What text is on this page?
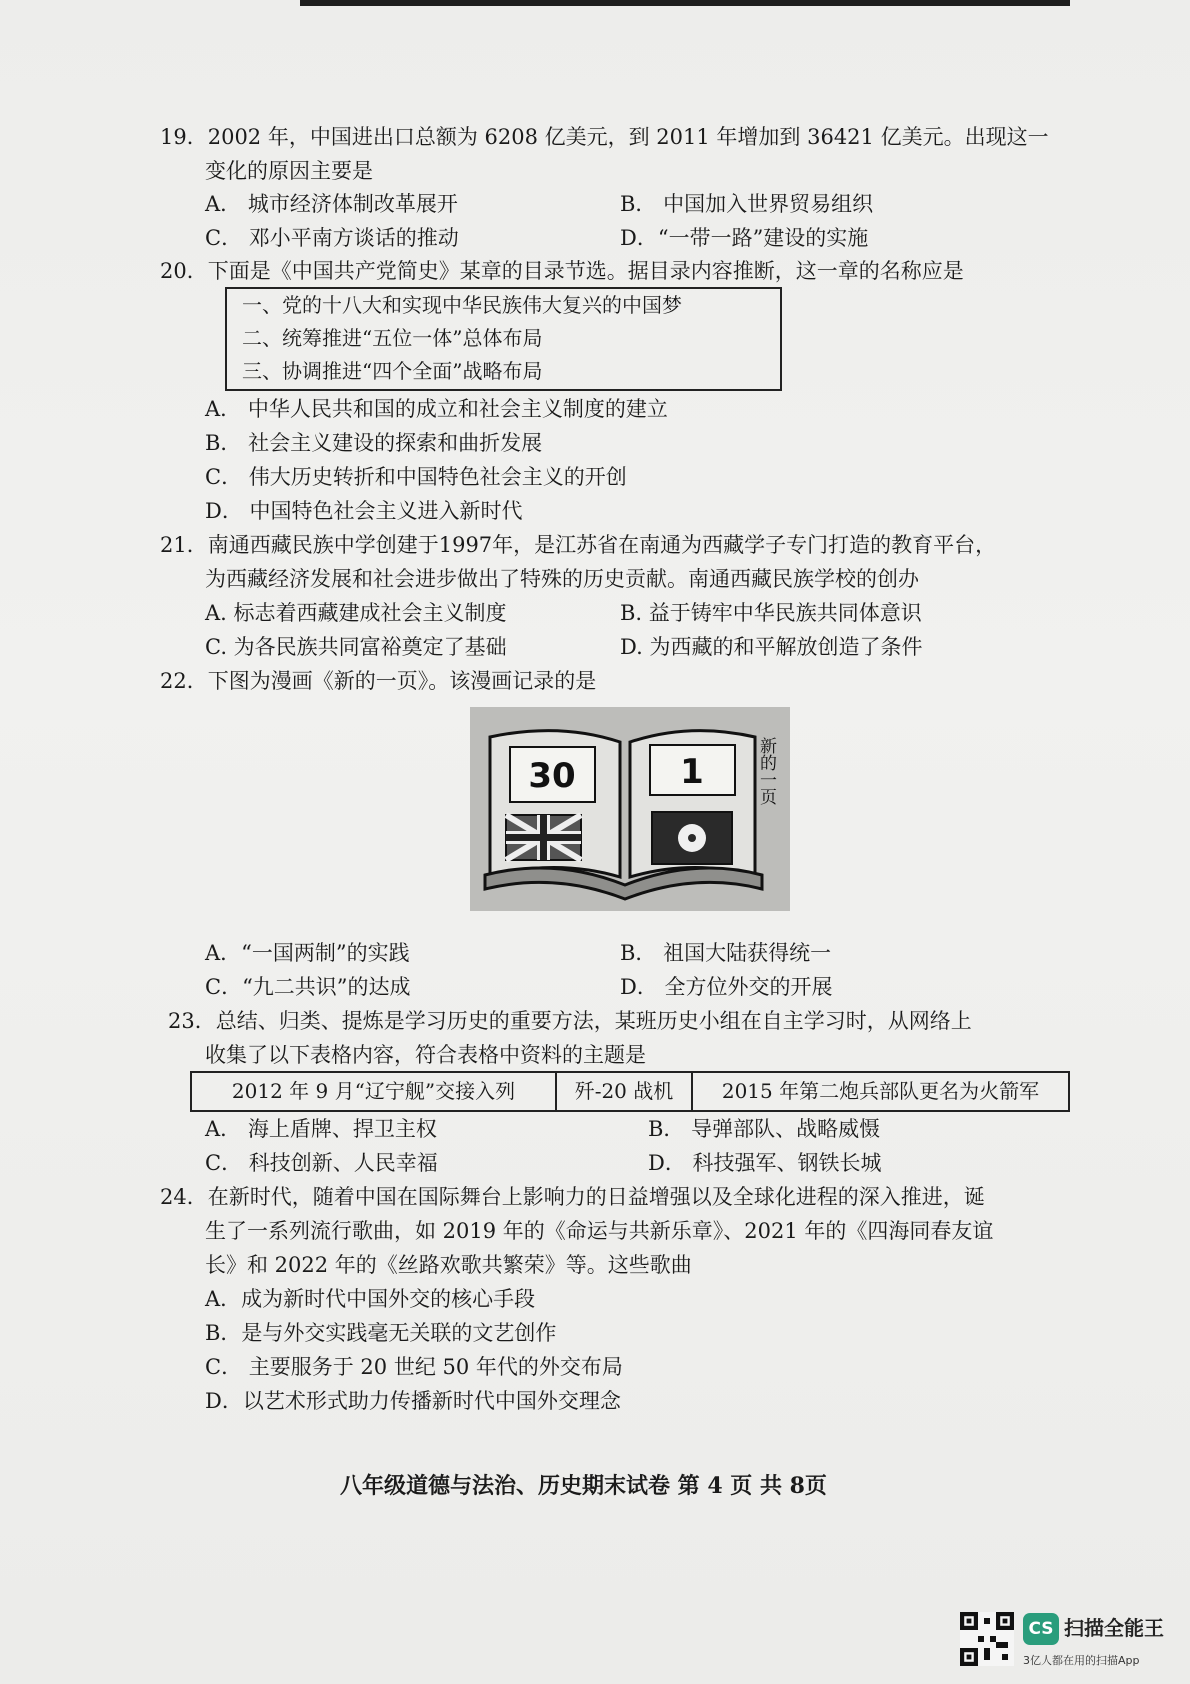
19．2002 年，中国进出口总额为 6208 亿美元，到 2011 年增加到 36421 亿美元。出现这一
变化的原因主要是
A． 城市经济体制改革展开	B． 中国加入世界贸易组织
C． 邓小平南方谈话的推动	D．“一带一路”建设的实施
20．下面是《中国共产党简史》某章的目录节选。据目录内容推断，这一章的名称应是
一、党的十八大和实现中华民族伟大复兴的中国梦
二、统筹推进“五位一体”总体布局
三、协调推进“四个全面”战略布局
A． 中华人民共和国的成立和社会主义制度的建立
B． 社会主义建设的探索和曲折发展
C． 伟大历史转折和中国特色社会主义的开创
D． 中国特色社会主义进入新时代
21．南通西藏民族中学创建于1997年，是江苏省在南通为西藏学子专门打造的教育平台，
为西藏经济发展和社会进步做出了特殊的历史贡献。南通西藏民族学校的创办
A. 标志着西藏建成社会主义制度	B. 益于铸牢中华民族共同体意识
C. 为各民族共同富裕奠定了基础	D. 为西藏的和平解放创造了条件
22．下图为漫画《新的一页》。该漫画记录的是
30	1	新的一页
A．“一国两制”的实践	B． 祖国大陆获得统一
C．“九二共识”的达成	D． 全方位外交的开展
23．总结、归类、提炼是学习历史的重要方法，某班历史小组在自主学习时，从网络上
收集了以下表格内容，符合表格中资料的主题是
2012 年 9 月“辽宁舰”交接入列	歼-20 战机	2015 年第二炮兵部队更名为火箭军
A． 海上盾牌、捍卫主权	B． 导弹部队、战略威慑
C． 科技创新、人民幸福	D． 科技强军、钢铁长城
24．在新时代，随着中国在国际舞台上影响力的日益增强以及全球化进程的深入推进，诞
生了一系列流行歌曲，如 2019 年的《命运与共新乐章》、2021 年的《四海同春友谊
长》和 2022 年的《丝路欢歌共繁荣》等。这些歌曲
A．成为新时代中国外交的核心手段
B．是与外交实践毫无关联的文艺创作
C． 主要服务于 20 世纪 50 年代的外交布局
D．以艺术形式助力传播新时代中国外交理念
八年级道德与法治、历史期末试卷 第 4 页 共 8页
CS 扫描全能王
3亿人都在用的扫描App
